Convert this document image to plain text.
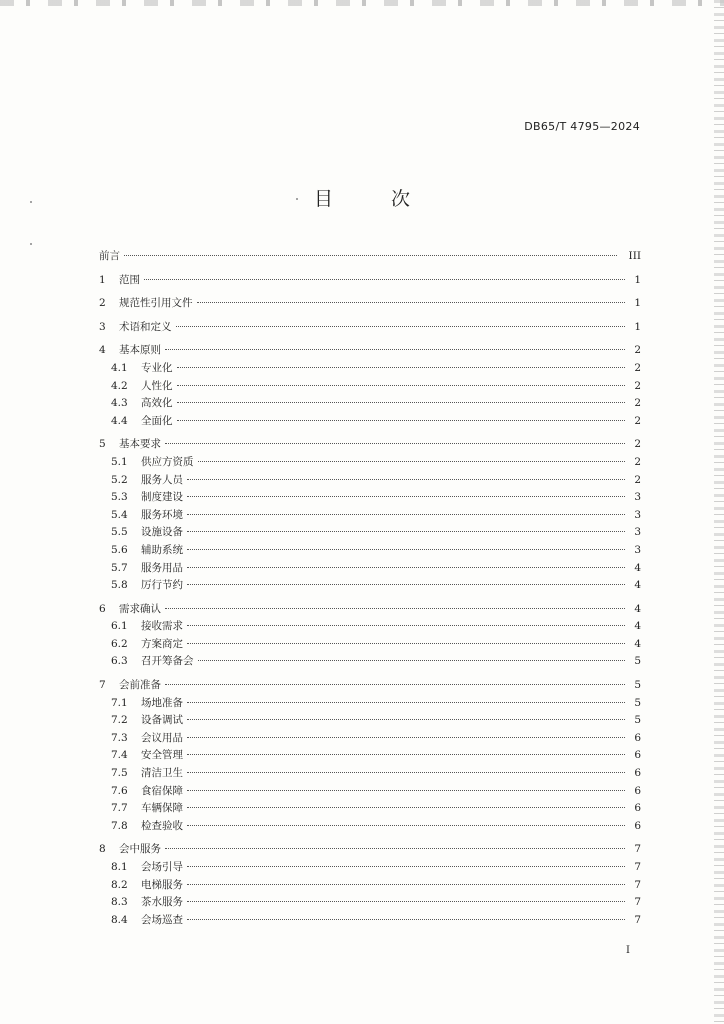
DB65/T 4795—2024
目 次
前言	III
1	范围	1
2	规范性引用文件	1
3	术语和定义	1
4	基本原则	2
4.1	专业化	2
4.2	人性化	2
4.3	高效化	2
4.4	全面化	2
5	基本要求	2
5.1	供应方资质	2
5.2	服务人员	2
5.3	制度建设	3
5.4	服务环境	3
5.5	设施设备	3
5.6	辅助系统	3
5.7	服务用品	4
5.8	厉行节约	4
6	需求确认	4
6.1	接收需求	4
6.2	方案商定	4
6.3	召开筹备会	5
7	会前准备	5
7.1	场地准备	5
7.2	设备调试	5
7.3	会议用品	6
7.4	安全管理	6
7.5	清洁卫生	6
7.6	食宿保障	6
7.7	车辆保障	6
7.8	检查验收	6
8	会中服务	7
8.1	会场引导	7
8.2	电梯服务	7
8.3	茶水服务	7
8.4	会场巡查	7
I
